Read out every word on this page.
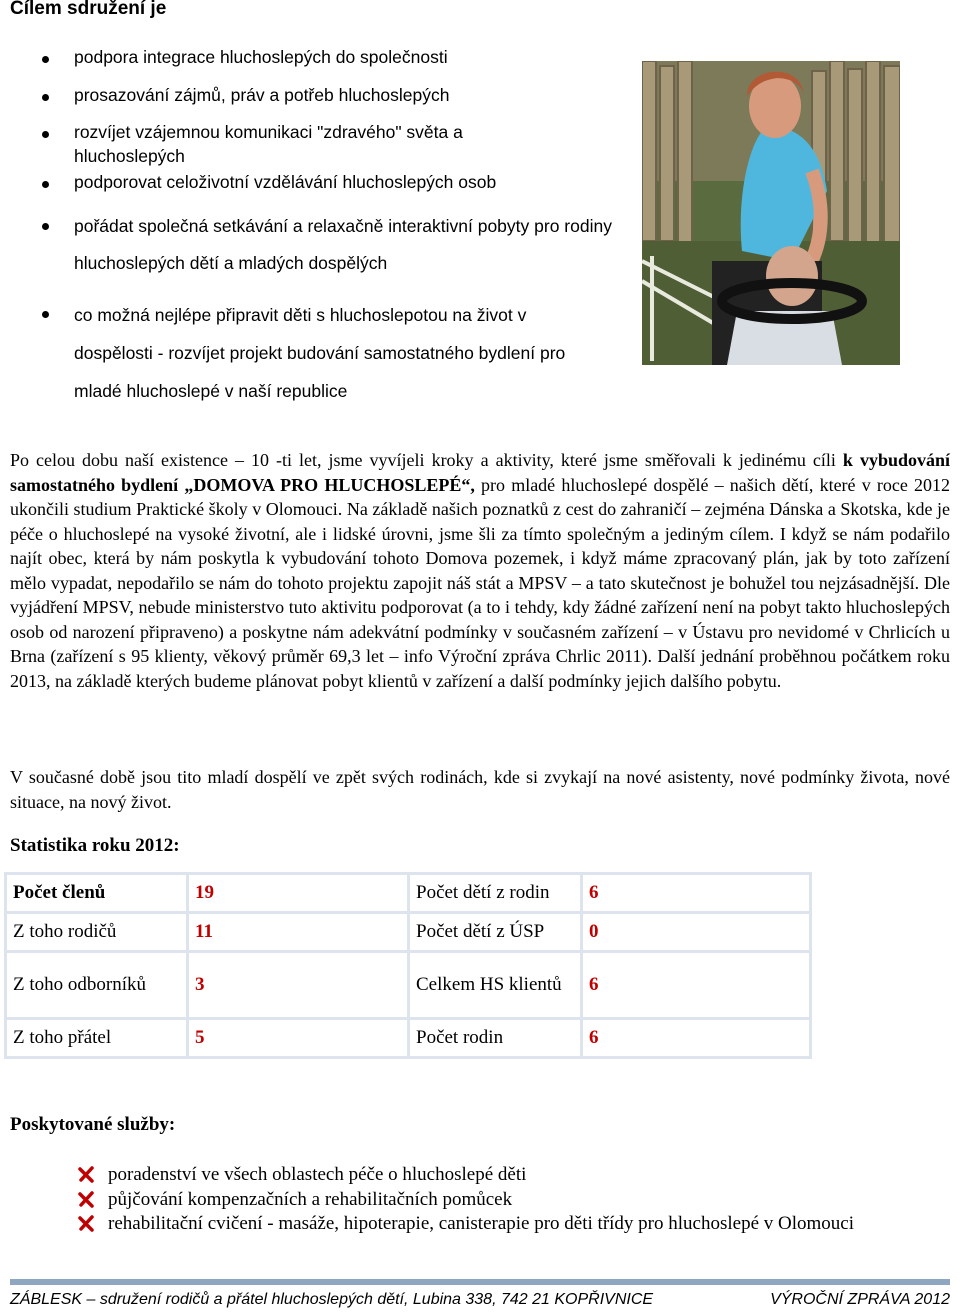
Cílem sdružení je
podpora integrace hluchoslepých do společnosti
prosazování zájmů, práv a potřeb hluchoslepých
rozvíjet vzájemnou komunikaci "zdravého" světa a hluchoslepých
podporovat celoživotní vzdělávání hluchoslepých osob
pořádat společná setkávání a relaxačně interaktivní pobyty pro rodiny hluchoslepých dětí a mladých dospělých
co možná nejlépe připravit děti s hluchoslepotou na život v dospělosti - rozvíjet projekt budování samostatného bydlení pro mladé hluchoslepé v naší republice

Po celou dobu naší existence – 10 -ti let, jsme vyvíjeli kroky a aktivity, které jsme směřovali k jedinému cíli k vybudování samostatného bydlení „DOMOVA PRO HLUCHOSLEPÉ“, pro mladé hluchoslepé dospělé – našich dětí, které v roce 2012 ukončili studium Praktické školy v Olomouci. Na základě našich poznatků z cest do zahraničí – zejména Dánska a Skotska, kde je péče o hluchoslepé na vysoké životní, ale i lidské úrovni, jsme šli za tímto společným a jediným cílem. I když se nám podařilo najít obec, která by nám poskytla k vybudování tohoto Domova pozemek, i když máme zpracovaný plán, jak by toto zařízení mělo vypadat, nepodařilo se nám do tohoto projektu zapojit náš stát a MPSV – a tato skutečnost je bohužel tou nejzásadnější. Dle vyjádření MPSV, nebude ministerstvo tuto aktivitu podporovat (a to i tehdy, kdy žádné zařízení není na pobyt takto hluchoslepých osob od narození připraveno) a poskytne nám adekvátní podmínky v současném zařízení – v Ústavu pro nevidomé v Chrlicích u Brna (zařízení s 95 klienty, věkový průměr 69,3 let – info Výroční zpráva Chrlic 2011). Další jednání proběhnou počátkem roku 2013, na základě kterých budeme plánovat pobyt klientů v zařízení a další podmínky jejich dalšího pobytu.

V současné době jsou tito mladí dospělí ve zpět svých rodinách, kde si zvykají na nové asistenty, nové podmínky života, nové situace, na nový život.

Statistika roku 2012:
Počet členů	19	Počet dětí z rodin	6
Z toho rodičů	11	Počet dětí z ÚSP	0
Z toho odborníků	3	Celkem HS klientů	6
Z toho přátel	5	Počet rodin	6
Poskytované služby:
poradenství ve všech oblastech péče o hluchoslepé děti
půjčování kompenzačních a rehabilitačních pomůcek
rehabilitační cvičení - masáže, hipoterapie, canisterapie pro děti třídy pro hluchoslepé v Olomouci
ZÁBLESK – sdružení rodičů a přátel hluchoslepých dětí, Lubina 338, 742 21 KOPŘIVNICE	VÝROČNÍ ZPRÁVA 2012
